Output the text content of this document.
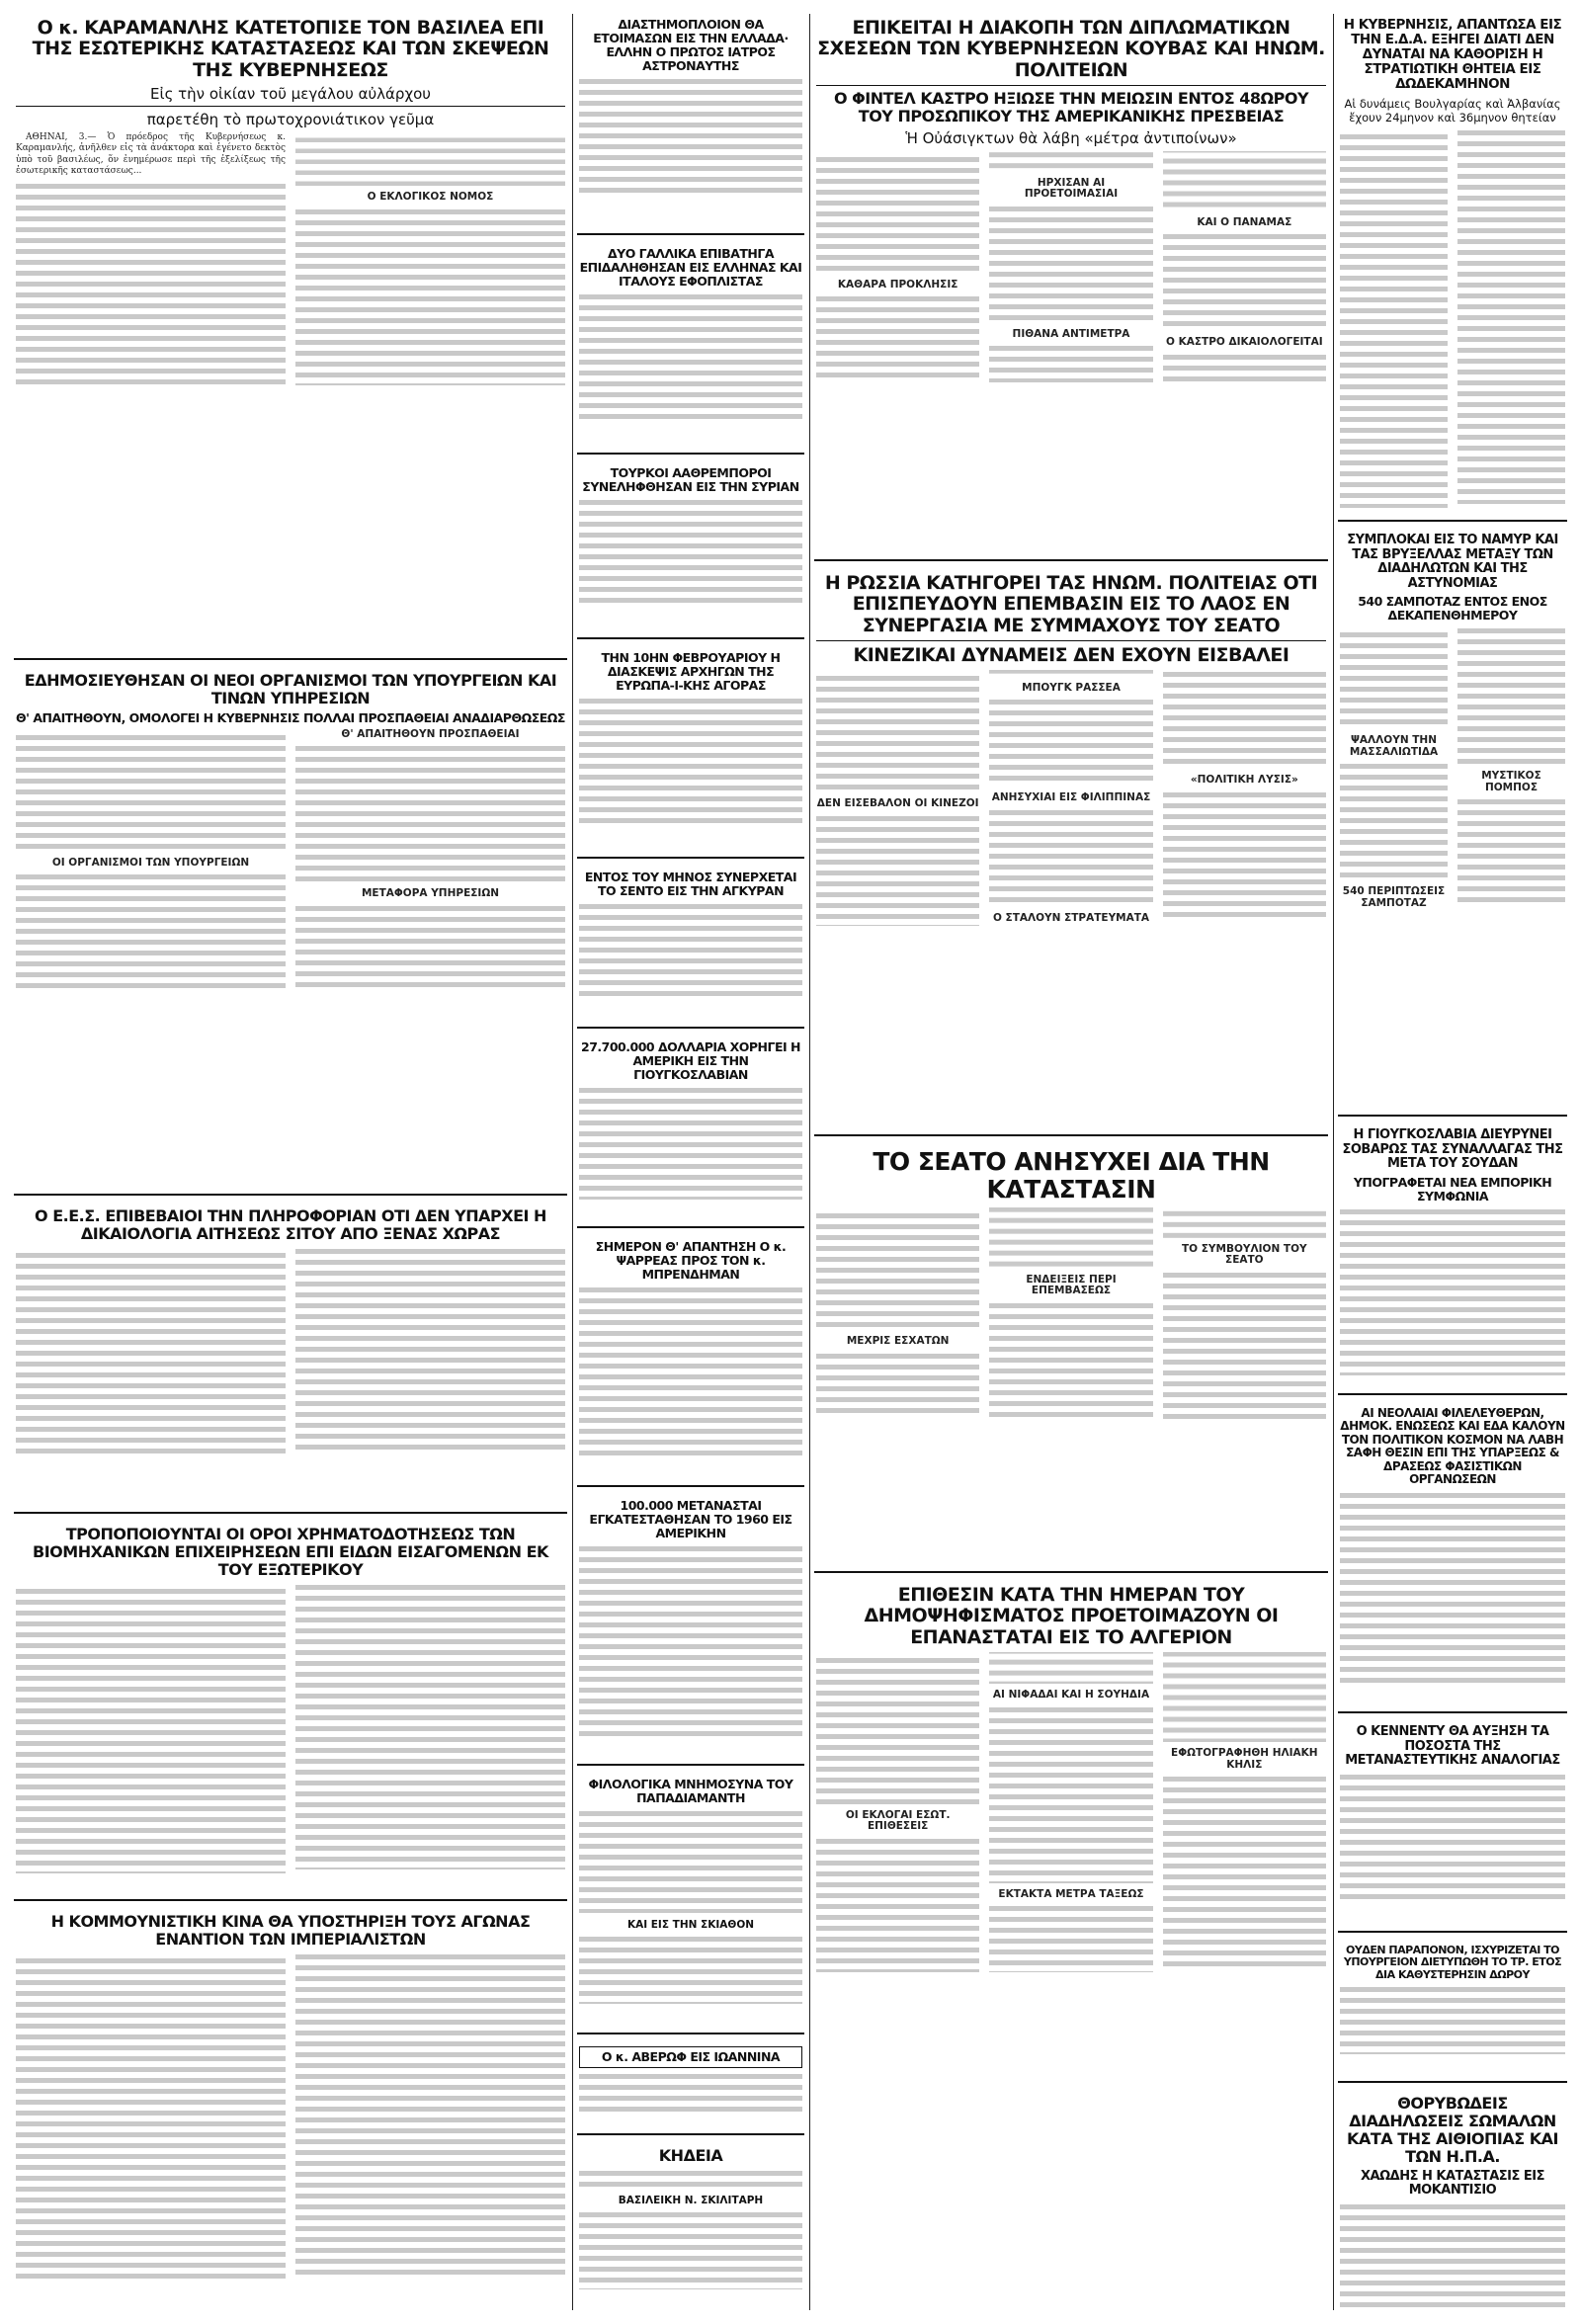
Ο κ. ΚΑΡΑΜΑΝΛΗΣ ΚΑΤΕΤΟΠΙΣΕ ΤΟΝ ΒΑΣΙΛΕΑ ΕΠΙ ΤΗΣ ΕΣΩΤΕΡΙΚΗΣ ΚΑΤΑΣΤΑΣΕΩΣ ΚΑΙ ΤΩΝ ΣΚΕΨΕΩΝ ΤΗΣ ΚΥΒΕΡΝΗΣΕΩΣ
Εἰς τὴν οἰκίαν τοῦ μεγάλου αὐλάρχου
παρετέθη τὸ πρωτοχρονιάτικον γεῦμα

ΑΘΗΝΑΙ, 3.— Ὁ πρόεδρος τῆς Κυβερνήσεως κ. Καραμανλής, ἀνῆλθεν εἰς τὰ ἀνάκτορα καὶ ἐγένετο δεκτὸς ὑπὸ τοῦ βασιλέως, ὅν ἐνημέρωσε περὶ τῆς ἐξελίξεως τῆς ἐσωτερικῆς καταστάσεως...

Ο ΕΚΛΟΓΙΚΟΣ ΝΟΜΟΣ
ΕΔΗΜΟΣΙΕΥΘΗΣΑΝ ΟΙ ΝΕΟΙ ΟΡΓΑΝΙΣΜΟΙ ΤΩΝ ΥΠΟΥΡΓΕΙΩΝ ΚΑΙ ΤΙΝΩΝ ΥΠΗΡΕΣΙΩΝ
Θ' ΑΠΑΙΤΗΘΟΥΝ, ΟΜΟΛΟΓΕΙ Η ΚΥΒΕΡΝΗΣΙΣ ΠΟΛΛΑΙ ΠΡΟΣΠΑΘΕΙΑΙ ΑΝΑΔΙΑΡΘΩΣΕΩΣ
ΟΙ ΟΡΓΑΝΙΣΜΟΙ ΤΩΝ ΥΠΟΥΡΓΕΙΩΝ
Θ' ΑΠΑΙΤΗΘΟΥΝ ΠΡΟΣΠΑΘΕΙΑΙ
ΜΕΤΑΦΟΡΑ ΥΠΗΡΕΣΙΩΝ
Ο Ε.Ε.Σ. ΕΠΙΒΕΒΑΙΟΙ ΤΗΝ ΠΛΗΡΟΦΟΡΙΑΝ ΟΤΙ ΔΕΝ ΥΠΑΡΧΕΙ Η ΔΙΚΑΙΟΛΟΓΙΑ ΑΙΤΗΣΕΩΣ ΣΙΤΟΥ ΑΠΟ ΞΕΝΑΣ ΧΩΡΑΣ
ΤΡΟΠΟΠΟΙΟΥΝΤΑΙ ΟΙ ΟΡΟΙ ΧΡΗΜΑΤΟΔΟΤΗΣΕΩΣ ΤΩΝ ΒΙΟΜΗΧΑΝΙΚΩΝ ΕΠΙΧΕΙΡΗΣΕΩΝ ΕΠΙ ΕΙΔΩΝ ΕΙΣΑΓΟΜΕΝΩΝ ΕΚ ΤΟΥ ΕΞΩΤΕΡΙΚΟΥ
Η ΚΟΜΜΟΥΝΙΣΤΙΚΗ ΚΙΝΑ ΘΑ ΥΠΟΣΤΗΡΙΞΗ ΤΟΥΣ ΑΓΩΝΑΣ ΕΝΑΝΤΙΟΝ ΤΩΝ ΙΜΠΕΡΙΑΛΙΣΤΩΝ
ΔΙΑΣΤΗΜΟΠΛΟΙΟΝ ΘΑ ΕΤΟΙΜΑΣΩΝ ΕΙΣ ΤΗΝ ΕΛΛΑΔΑ· ΕΛΛΗΝ Ο ΠΡΩΤΟΣ ΙΑΤΡΟΣ ΑΣΤΡΟΝΑΥΤΗΣ
ΔΥΟ ΓΑΛΛΙΚΑ ΕΠΙΒΑΤΗΓΑ ΕΠΙΔΑΛΗΘΗΣΑΝ ΕΙΣ ΕΛΛΗΝΑΣ ΚΑΙ ΙΤΑΛΟΥΣ ΕΦΟΠΛΙΣΤΑΣ
ΤΟΥΡΚΟΙ ΑΑΘΡΕΜΠΟΡΟΙ ΣΥΝΕΛΗΦΘΗΣΑΝ ΕΙΣ ΤΗΝ ΣΥΡΙΑΝ
ΤΗΝ 10ΗΝ ΦΕΒΡΟΥΑΡΙΟΥ Η ΔΙΑΣΚΕΨΙΣ ΑΡΧΗΓΩΝ ΤΗΣ ΕΥΡΩΠΑ-Ι-ΚΗΣ ΑΓΟΡΑΣ
ΕΝΤΟΣ ΤΟΥ ΜΗΝΟΣ ΣΥΝΕΡΧΕΤΑΙ ΤΟ ΣΕΝΤΟ ΕΙΣ ΤΗΝ ΑΓΚΥΡΑΝ
27.700.000 ΔΟΛΛΑΡΙΑ ΧΟΡΗΓΕΙ Η ΑΜΕΡΙΚΗ ΕΙΣ ΤΗΝ ΓΙΟΥΓΚΟΣΛΑΒΙΑΝ
ΣΗΜΕΡΟΝ Θ' ΑΠΑΝΤΗΣΗ Ο κ. ΨΑΡΡΕΑΣ ΠΡΟΣ ΤΟΝ κ. ΜΠΡΕΝΔΗΜΑΝ
100.000 ΜΕΤΑΝΑΣΤΑΙ ΕΓΚΑΤΕΣΤΑΘΗΣΑΝ ΤΟ 1960 ΕΙΣ ΑΜΕΡΙΚΗΝ
ΦΙΛΟΛΟΓΙΚΑ ΜΝΗΜΟΣΥΝΑ ΤΟΥ ΠΑΠΑΔΙΑΜΑΝΤΗ
ΚΑΙ ΕΙΣ ΤΗΝ ΣΚΙΑΘΟΝ
Ο κ. ΑΒΕΡΩΦ ΕΙΣ ΙΩΑΝΝΙΝΑ
ΚΗΔΕΙΑ
ΒΑΣΙΛΕΙΚΗ Ν. ΣΚΙΛΙΤΑΡΗ
ΕΠΙΚΕΙΤΑΙ Η ΔΙΑΚΟΠΗ ΤΩΝ ΔΙΠΛΩΜΑΤΙΚΩΝ ΣΧΕΣΕΩΝ ΤΩΝ ΚΥΒΕΡΝΗΣΕΩΝ ΚΟΥΒΑΣ ΚΑΙ ΗΝΩΜ. ΠΟΛΙΤΕΙΩΝ
Ο ΦΙΝΤΕΛ ΚΑΣΤΡΟ ΗΞΙΩΣΕ ΤΗΝ ΜΕΙΩΣΙΝ ΕΝΤΟΣ 48ΩΡΟΥ ΤΟΥ ΠΡΟΣΩΠΙΚΟΥ ΤΗΣ ΑΜΕΡΙΚΑΝΙΚΗΣ ΠΡΕΣΒΕΙΑΣ
Ἡ Οὐάσιγκτων θὰ λάβη «μέτρα ἀντιποίνων»
ΚΑΘΑΡΑ ΠΡΟΚΛΗΣΙΣ
ΗΡΧΙΣΑΝ ΑΙ ΠΡΟΕΤΟΙΜΑΣΙΑΙ
ΠΙΘΑΝΑ ΑΝΤΙΜΕΤΡΑ
ΚΑΙ Ο ΠΑΝΑΜΑΣ
Ο ΚΑΣΤΡΟ ΔΙΚΑΙΟΛΟΓΕΙΤΑΙ
Η ΡΩΣΣΙΑ ΚΑΤΗΓΟΡΕΙ ΤΑΣ ΗΝΩΜ. ΠΟΛΙΤΕΙΑΣ ΟΤΙ ΕΠΙΣΠΕΥΔΟΥΝ ΕΠΕΜΒΑΣΙΝ ΕΙΣ ΤΟ ΛΑΟΣ ΕΝ ΣΥΝΕΡΓΑΣΙΑ ΜΕ ΣΥΜΜΑΧΟΥΣ ΤΟΥ ΣΕΑΤΟ
ΚΙΝΕΖΙΚΑΙ ΔΥΝΑΜΕΙΣ ΔΕΝ ΕΧΟΥΝ ΕΙΣΒΑΛΕΙ
ΔΕΝ ΕΙΣΕΒΑΛΟΝ ΟΙ ΚΙΝΕΖΟΙ
ΜΠΟΥΓΚ ΡΑΣΣΕΑ
ΑΝΗΣΥΧΙΑΙ ΕΙΣ ΦΙΛΙΠΠΙΝΑΣ
Ο ΣΤΑΛΟΥΝ ΣΤΡΑΤΕΥΜΑΤΑ
«ΠΟΛΙΤΙΚΗ ΛΥΣΙΣ»
ΤΟ ΣΕΑΤΟ ΑΝΗΣΥΧΕΙ ΔΙΑ ΤΗΝ ΚΑΤΑΣΤΑΣΙΝ
ΜΕΧΡΙΣ ΕΣΧΑΤΩΝ
ΕΝΔΕΙΞΕΙΣ ΠΕΡΙ ΕΠΕΜΒΑΣΕΩΣ
ΤΟ ΣΥΜΒΟΥΛΙΟΝ ΤΟΥ ΣΕΑΤΟ
ΕΠΙΘΕΣΙΝ ΚΑΤΑ ΤΗΝ ΗΜΕΡΑΝ ΤΟΥ ΔΗΜΟΨΗΦΙΣΜΑΤΟΣ ΠΡΟΕΤΟΙΜΑΖΟΥΝ ΟΙ ΕΠΑΝΑΣΤΑΤΑΙ ΕΙΣ ΤΟ ΑΛΓΕΡΙΟΝ
ΟΙ ΕΚΛΟΓΑΙ ΕΣΩΤ. ΕΠΙΘΕΣΕΙΣ
ΑΙ ΝΙΦΑΔΑΙ ΚΑΙ Η ΣΟΥΗΔΙΑ
ΕΚΤΑΚΤΑ ΜΕΤΡΑ ΤΑΞΕΩΣ
ΕΦΩΤΟΓΡΑΦΗΘΗ ΗΛΙΑΚΗ ΚΗΛΙΣ
Η ΚΥΒΕΡΝΗΣΙΣ, ΑΠΑΝΤΩΣΑ ΕΙΣ ΤΗΝ Ε.Δ.Α. ΕΞΗΓΕΙ ΔΙΑΤΙ ΔΕΝ ΔΥΝΑΤΑΙ ΝΑ ΚΑΘΟΡΙΣΗ Η ΣΤΡΑΤΙΩΤΙΚΗ ΘΗΤΕΙΑ ΕΙΣ ΔΩΔΕΚΑΜΗΝΟΝ
Αἱ δυνάμεις Βουλγαρίας καὶ Ἀλβανίας ἔχουν 24μηνον καὶ 36μηνον θητείαν
ΣΥΜΠΛΟΚΑΙ ΕΙΣ ΤΟ ΝΑΜΥΡ ΚΑΙ ΤΑΣ ΒΡΥΞΕΛΛΑΣ ΜΕΤΑΞΥ ΤΩΝ ΔΙΑΔΗΛΩΤΩΝ ΚΑΙ ΤΗΣ ΑΣΤΥΝΟΜΙΑΣ
540 ΣΑΜΠΟΤΑΖ ΕΝΤΟΣ ΕΝΟΣ ΔΕΚΑΠΕΝΘΗΜΕΡΟΥ
ΨΑΛΛΟΥΝ ΤΗΝ ΜΑΣΣΑΛΙΩΤΙΔΑ
540 ΠΕΡΙΠΤΩΣΕΙΣ ΣΑΜΠΟΤΑΖ
ΜΥΣΤΙΚΟΣ ΠΟΜΠΟΣ
Η ΓΙΟΥΓΚΟΣΛΑΒΙΑ ΔΙΕΥΡΥΝΕΙ ΣΟΒΑΡΩΣ ΤΑΣ ΣΥΝΑΛΛΑΓΑΣ ΤΗΣ ΜΕΤΑ ΤΟΥ ΣΟΥΔΑΝ
ΥΠΟΓΡΑΦΕΤΑΙ ΝΕΑ ΕΜΠΟΡΙΚΗ ΣΥΜΦΩΝΙΑ
ΑΙ ΝΕΟΛΑΙΑΙ ΦΙΛΕΛΕΥΘΕΡΩΝ, ΔΗΜΟΚ. ΕΝΩΣΕΩΣ ΚΑΙ ΕΔΑ ΚΑΛΟΥΝ ΤΟΝ ΠΟΛΙΤΙΚΟΝ ΚΟΣΜΟΝ ΝΑ ΛΑΒΗ ΣΑΦΗ ΘΕΣΙΝ ΕΠΙ ΤΗΣ ΥΠΑΡΞΕΩΣ & ΔΡΑΣΕΩΣ ΦΑΣΙΣΤΙΚΩΝ ΟΡΓΑΝΩΣΕΩΝ
Ο ΚΕΝΝΕΝΤΥ ΘΑ ΑΥΞΗΣΗ ΤΑ ΠΟΣΟΣΤΑ ΤΗΣ ΜΕΤΑΝΑΣΤΕΥΤΙΚΗΣ ΑΝΑΛΟΓΙΑΣ
ΟΥΔΕΝ ΠΑΡΑΠΟΝΟΝ, ΙΣΧΥΡΙΖΕΤΑΙ ΤΟ ΥΠΟΥΡΓΕΙΟΝ ΔΙΕΤΥΠΩΘΗ ΤΟ ΤΡ. ΕΤΟΣ ΔΙΑ ΚΑΘΥΣΤΕΡΗΣΙΝ ΔΩΡΟΥ
ΘΟΡΥΒΩΔΕΙΣ ΔΙΑΔΗΛΩΣΕΙΣ ΣΩΜΑΛΩΝ ΚΑΤΑ ΤΗΣ ΑΙΘΙΟΠΙΑΣ ΚΑΙ ΤΩΝ Η.Π.Α.
ΧΑΩΔΗΣ Η ΚΑΤΑΣΤΑΣΙΣ ΕΙΣ ΜΟΚΑΝΤΙΣΙΟ
